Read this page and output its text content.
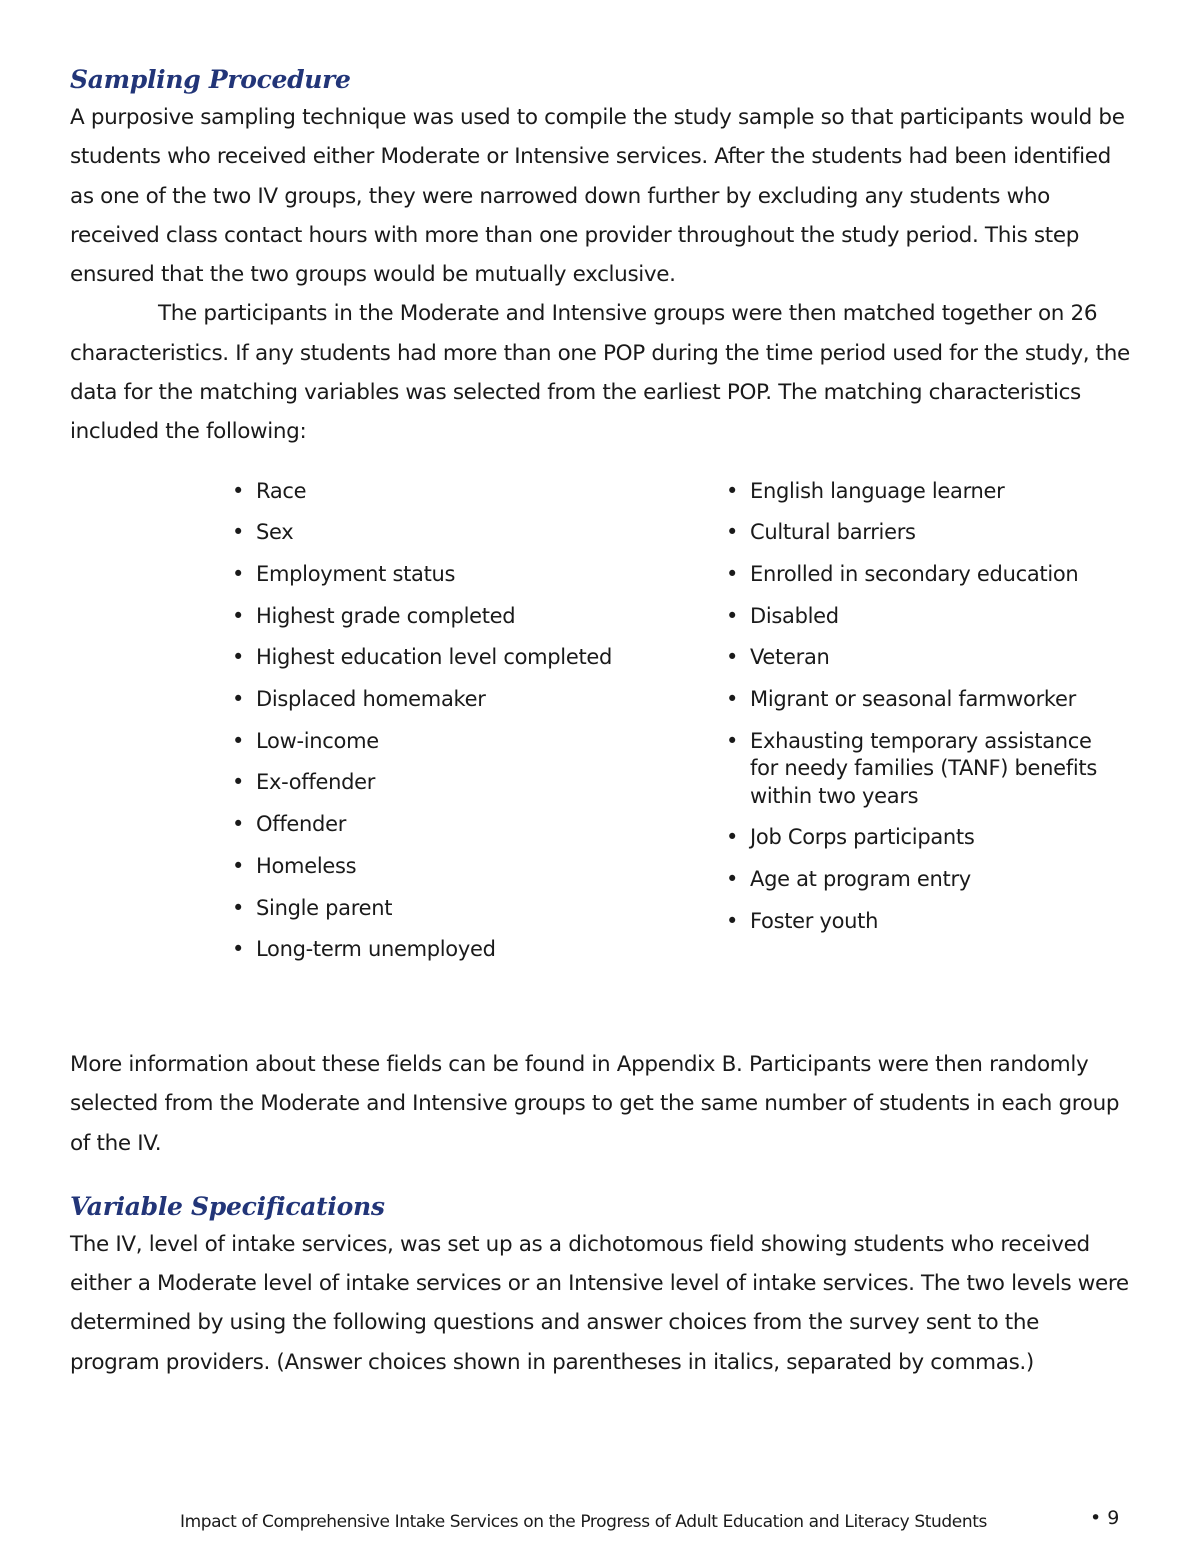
Sampling Procedure

A purposive sampling technique was used to compile the study sample so that participants would be students who received either Moderate or Intensive services. After the students had been identified as one of the two IV groups, they were narrowed down further by excluding any students who received class contact hours with more than one provider throughout the study period. This step ensured that the two groups would be mutually exclusive.

The participants in the Moderate and Intensive groups were then matched together on 26 characteristics. If any students had more than one POP during the time period used for the study, the data for the matching variables was selected from the earliest POP. The matching characteristics included the following:

• Race
• Sex
• Employment status
• Highest grade completed
• Highest education level completed
• Displaced homemaker
• Low-income
• Ex-offender
• Offender
• Homeless
• Single parent
• Long-term unemployed
• English language learner
• Cultural barriers
• Enrolled in secondary education
• Disabled
• Veteran
• Migrant or seasonal farmworker
• Exhausting temporary assistance for needy families (TANF) benefits within two years
• Job Corps participants
• Age at program entry
• Foster youth

More information about these fields can be found in Appendix B. Participants were then randomly selected from the Moderate and Intensive groups to get the same number of students in each group of the IV.

Variable Specifications

The IV, level of intake services, was set up as a dichotomous field showing students who received either a Moderate level of intake services or an Intensive level of intake services. The two levels were determined by using the following questions and answer choices from the survey sent to the program providers. (Answer choices shown in parentheses in italics, separated by commas.)

Impact of Comprehensive Intake Services on the Progress of Adult Education and Literacy Students	• 9
